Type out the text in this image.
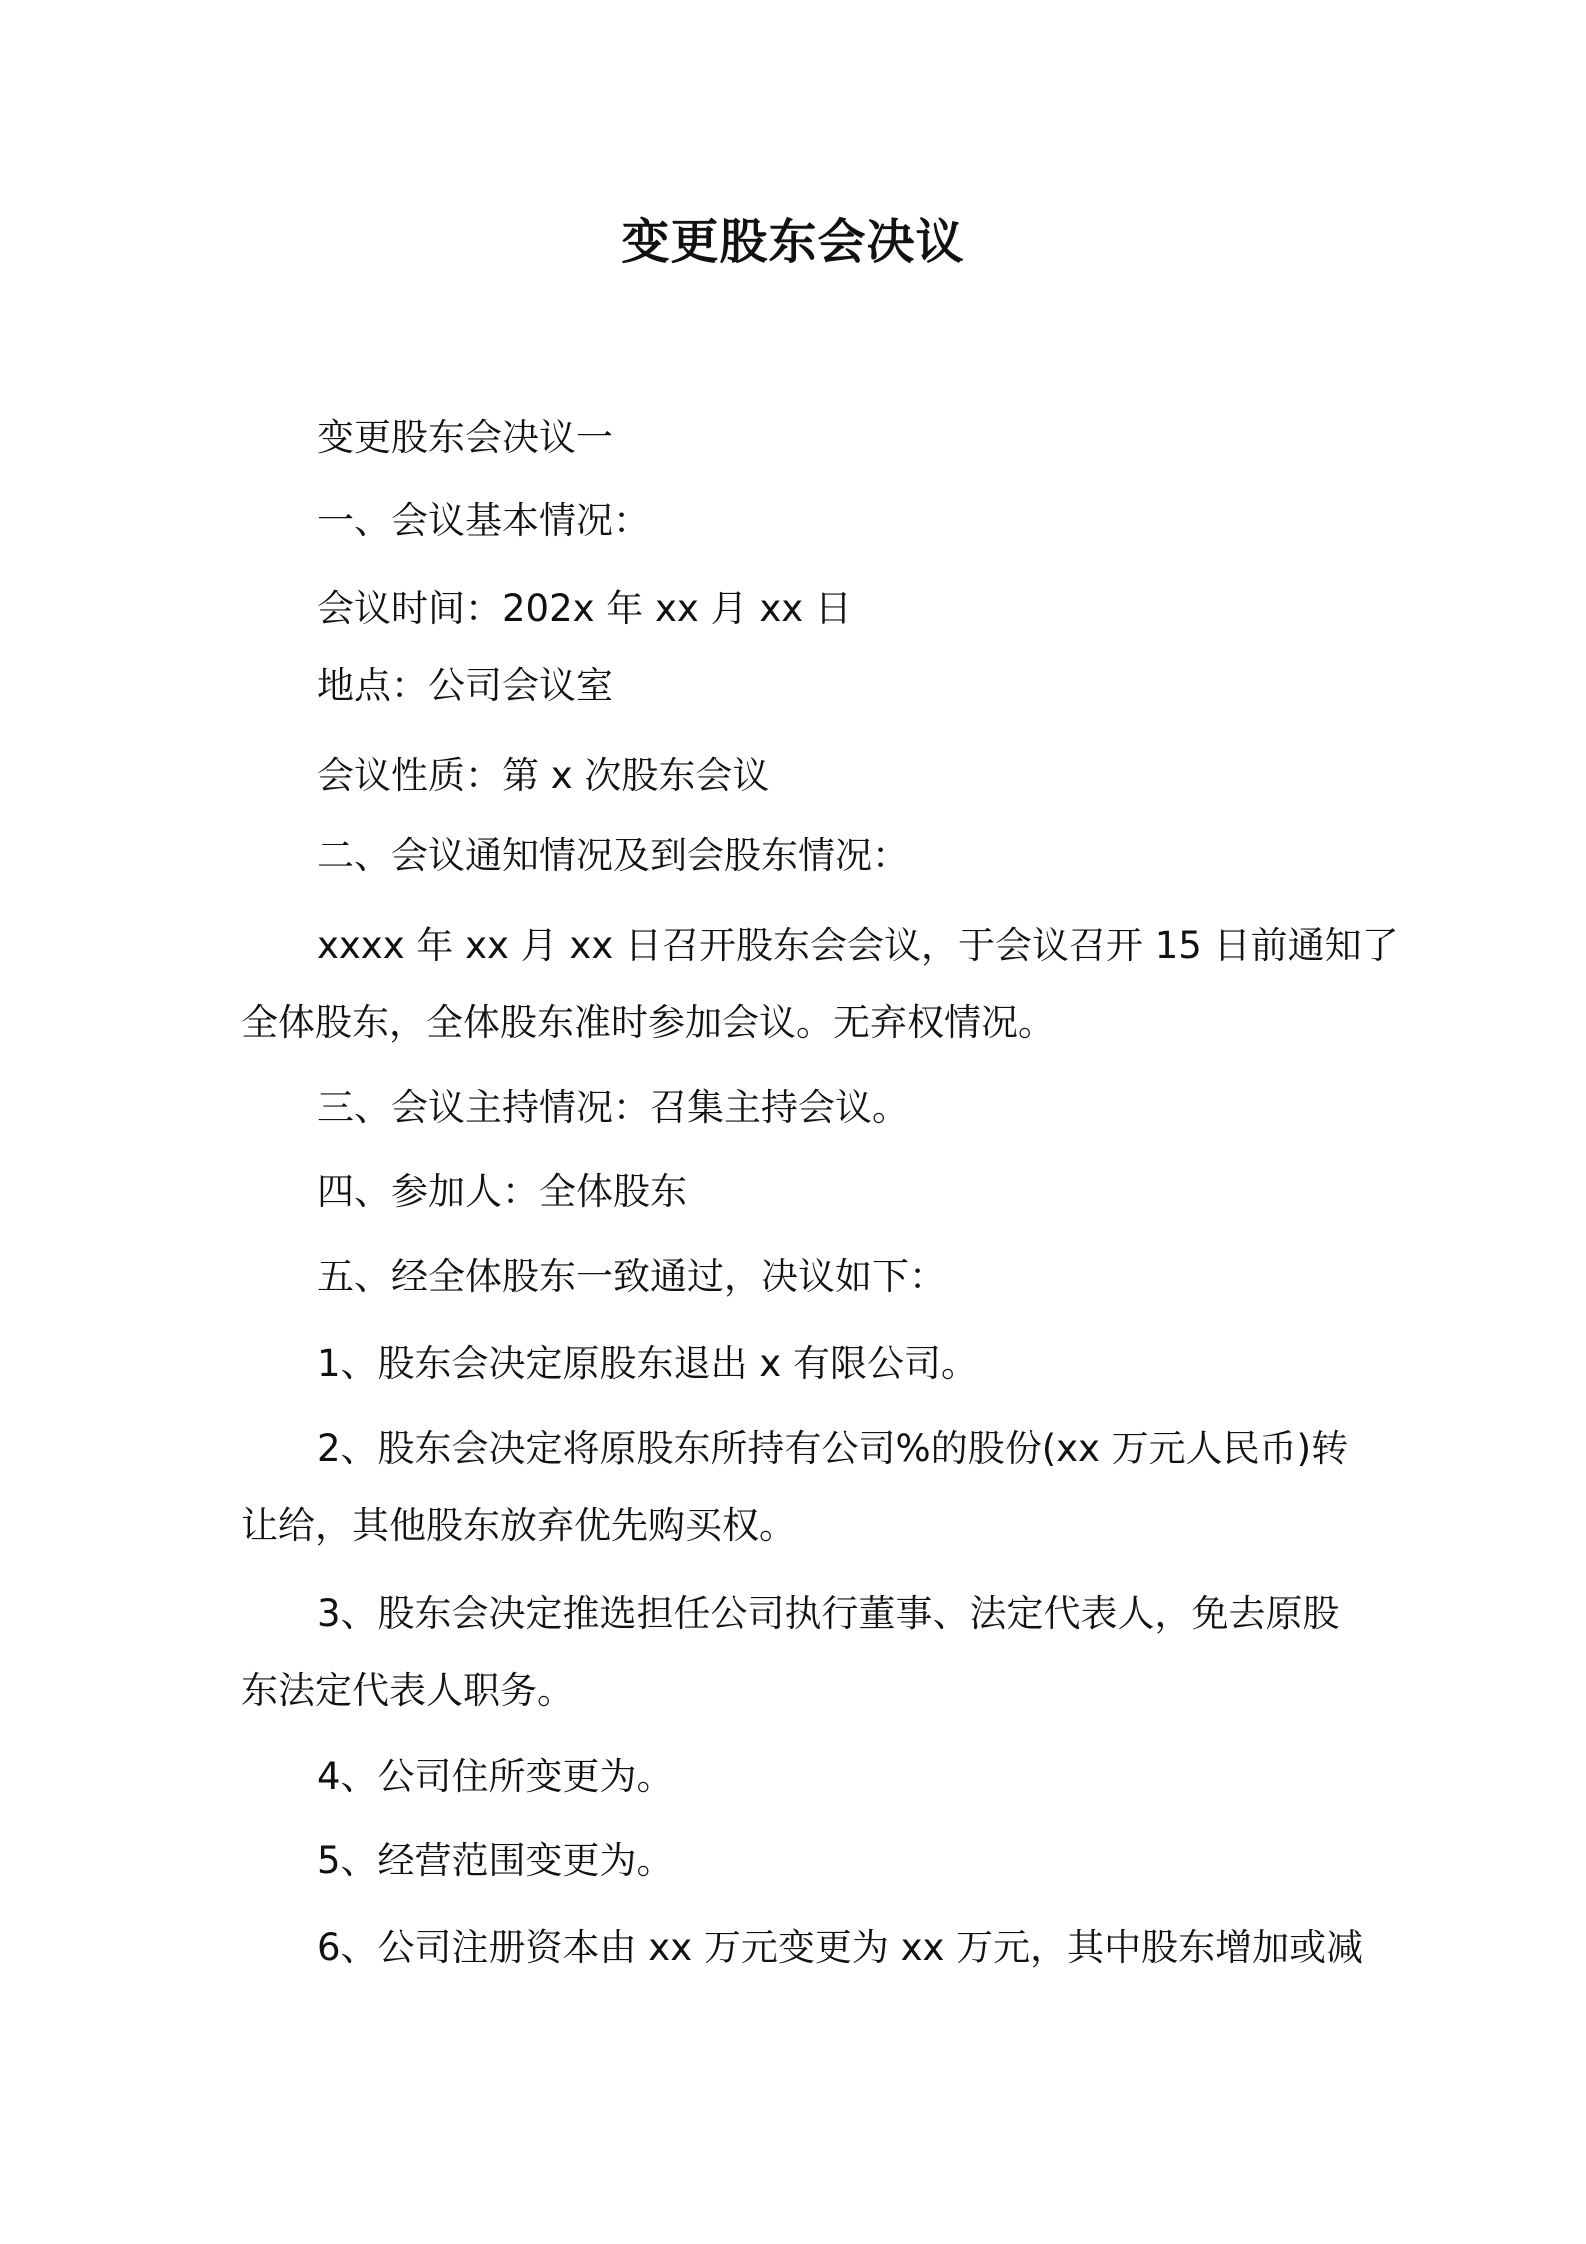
变更股东会决议
变更股东会决议一
一、会议基本情况：
会议时间：202x 年 xx 月 xx 日
地点：公司会议室
会议性质：第 x 次股东会议
二、会议通知情况及到会股东情况：
xxxx 年 xx 月 xx 日召开股东会会议，于会议召开 15 日前通知了
全体股东，全体股东准时参加会议。无弃权情况。
三、会议主持情况：召集主持会议。
四、参加人：全体股东
五、经全体股东一致通过，决议如下：
1、股东会决定原股东退出 x 有限公司。
2、股东会决定将原股东所持有公司%的股份(xx 万元人民币)转
让给，其他股东放弃优先购买权。
3、股东会决定推选担任公司执行董事、法定代表人，免去原股
东法定代表人职务。
4、公司住所变更为。
5、经营范围变更为。
6、公司注册资本由 xx 万元变更为 xx 万元，其中股东增加或减
